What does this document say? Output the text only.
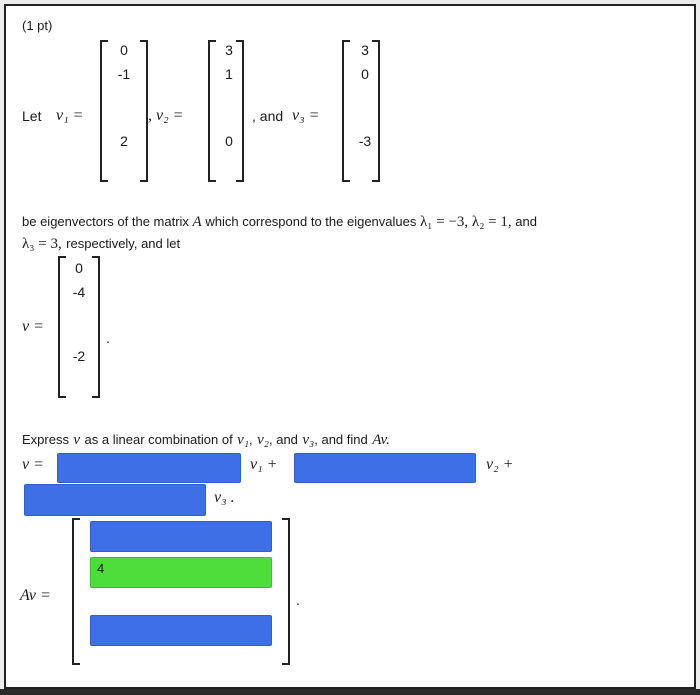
(1 pt)
Let v₁ =
0
-1
2
, v₂ =
3
1
0
, and v₃ =
3
0
-3
be eigenvectors of the matrix A which correspond to the eigenvalues λ₁ = −3, λ₂ = 1, and
λ₃ = 3, respectively, and let
v =
0
-4
-2
.
Express v as a linear combination of v₁, v₂, and v₃, and find Av.
v =	v₁ +	v₂ +
v₃ .
Av =
4
.
